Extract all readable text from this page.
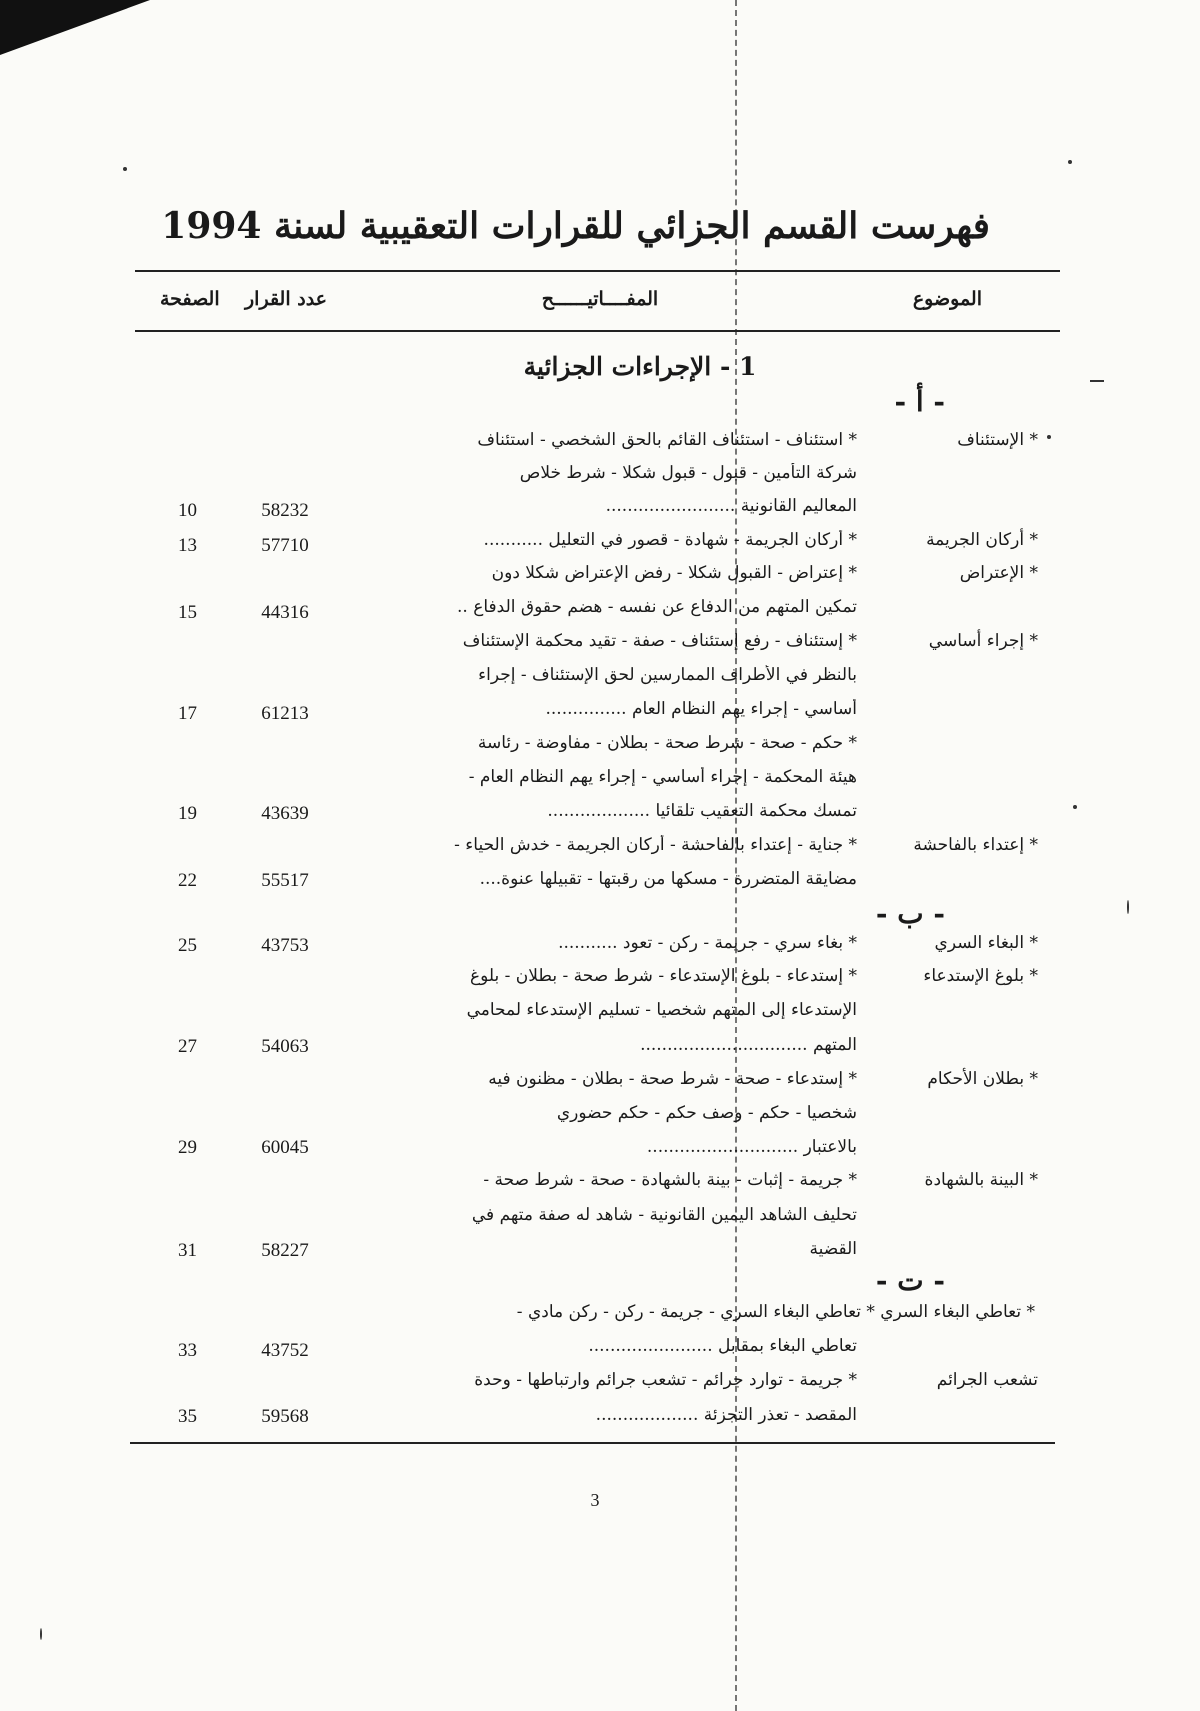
فهرست القسم الجزائي للقرارات التعقيبية لسنة 1994
الموضوع
المفــــاتيــــــح
عدد القرار
الصفحة
1 - الإجراءات الجزائية
- أ -
- ب -
- ت -
* الإستئناف
* استئناف - استئناف القائم بالحق الشخصي - استئناف
شركة التأمين - قبول - قبول شكلا - شرط خلاص
المعاليم القانونية ........................
58232
10
* أركان الجريمة
* أركان الجريمة - شهادة - قصور في التعليل ...........
57710
13
* الإعتراض
* إعتراض - القبول شكلا - رفض الإعتراض شكلا دون
تمكين المتهم من الدفاع عن نفسه - هضم حقوق الدفاع ..
44316
15
* إجراء أساسي
* إستئناف - رفع إستئناف - صفة - تقيد محكمة الإستئناف
بالنظر في الأطراف الممارسين لحق الإستئناف - إجراء
أساسي - إجراء يهم النظام العام ...............
61213
17
* حكم - صحة - شرط صحة - بطلان - مفاوضة - رئاسة
هيئة المحكمة - إجراء أساسي - إجراء يهم النظام العام -
تمسك محكمة التعقيب تلقائيا ...................
43639
19
* إعتداء بالفاحشة
* جناية - إعتداء بالفاحشة - أركان الجريمة - خدش الحياء -
مضايقة المتضررة - مسكها من رقبتها - تقبيلها عنوة....
55517
22
* البغاء السري
* بغاء سري - جريمة - ركن - تعود ...........
43753
25
* بلوغ الإستدعاء
* إستدعاء - بلوغ الإستدعاء - شرط صحة - بطلان - بلوغ
الإستدعاء إلى المتهم شخصيا - تسليم الإستدعاء لمحامي
المتهم ...............................
54063
27
* بطلان الأحكام
* إستدعاء - صحة - شرط صحة - بطلان - مظنون فيه
شخصيا - حكم - وصف حكم - حكم حضوري
بالاعتبار ............................
60045
29
* البينة بالشهادة
* جريمة - إثبات - بينة بالشهادة - صحة - شرط صحة -
تحليف الشاهد اليمين القانونية - شاهد له صفة متهم في
القضية
58227
31
* تعاطي البغاء السري * تعاطي البغاء السري - جريمة - ركن - ركن مادي -
تعاطي البغاء بمقابل .......................
43752
33
تشعب الجرائم
* جريمة - توارد جرائم - تشعب جرائم وارتباطها - وحدة
المقصد - تعذر التجزئة ...................
59568
35
3
